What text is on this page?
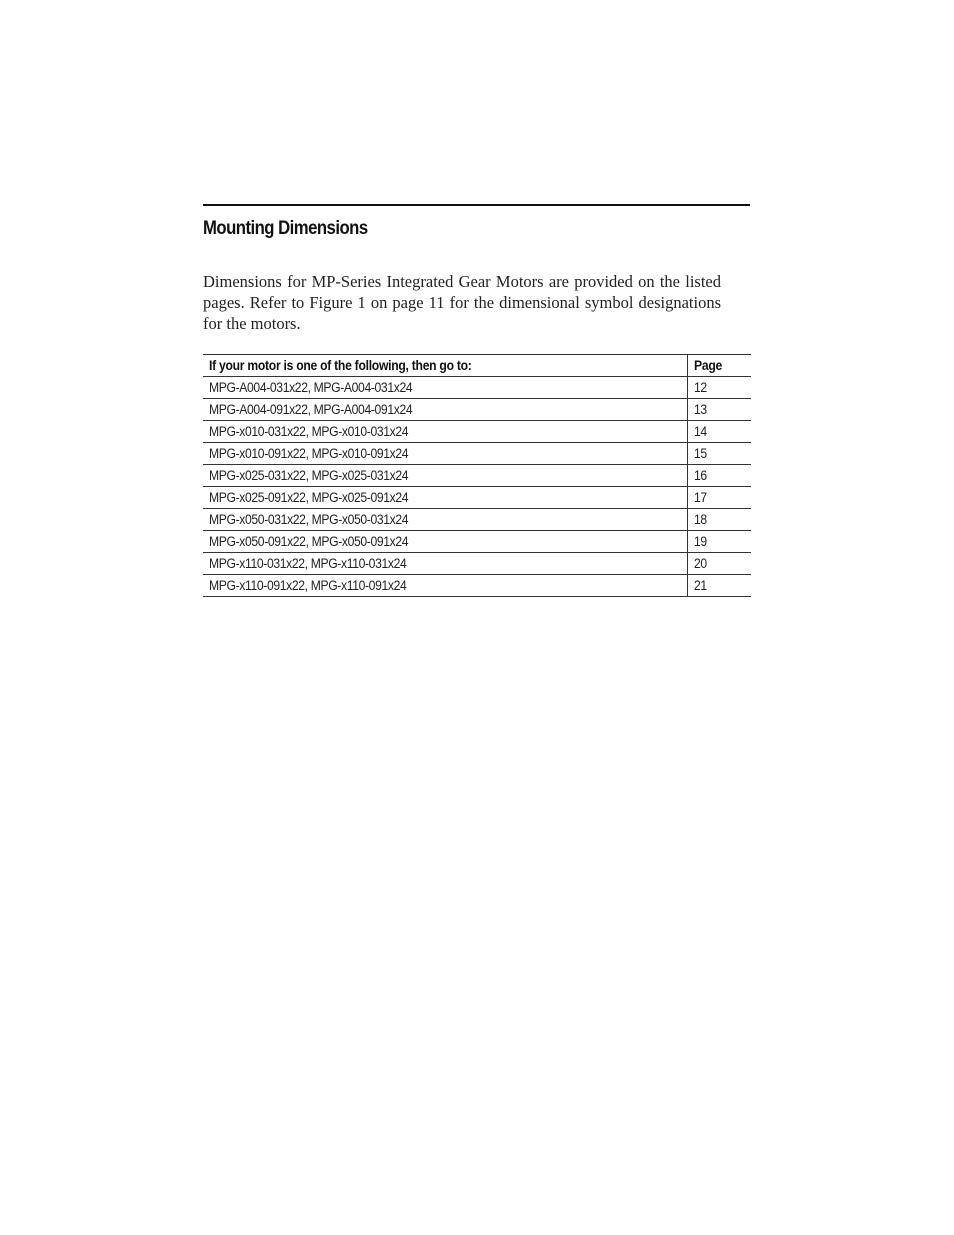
Mounting Dimensions

Dimensions for MP-Series Integrated Gear Motors are provided on the listed pages. Refer to Figure 1 on page 11 for the dimensional symbol designations for the motors.

If your motor is one of the following, then go to:	Page
MPG-A004-031x22, MPG-A004-031x24	12
MPG-A004-091x22, MPG-A004-091x24	13
MPG-x010-031x22, MPG-x010-031x24	14
MPG-x010-091x22, MPG-x010-091x24	15
MPG-x025-031x22, MPG-x025-031x24	16
MPG-x025-091x22, MPG-x025-091x24	17
MPG-x050-031x22, MPG-x050-031x24	18
MPG-x050-091x22, MPG-x050-091x24	19
MPG-x110-031x22, MPG-x110-031x24	20
MPG-x110-091x22, MPG-x110-091x24	21
